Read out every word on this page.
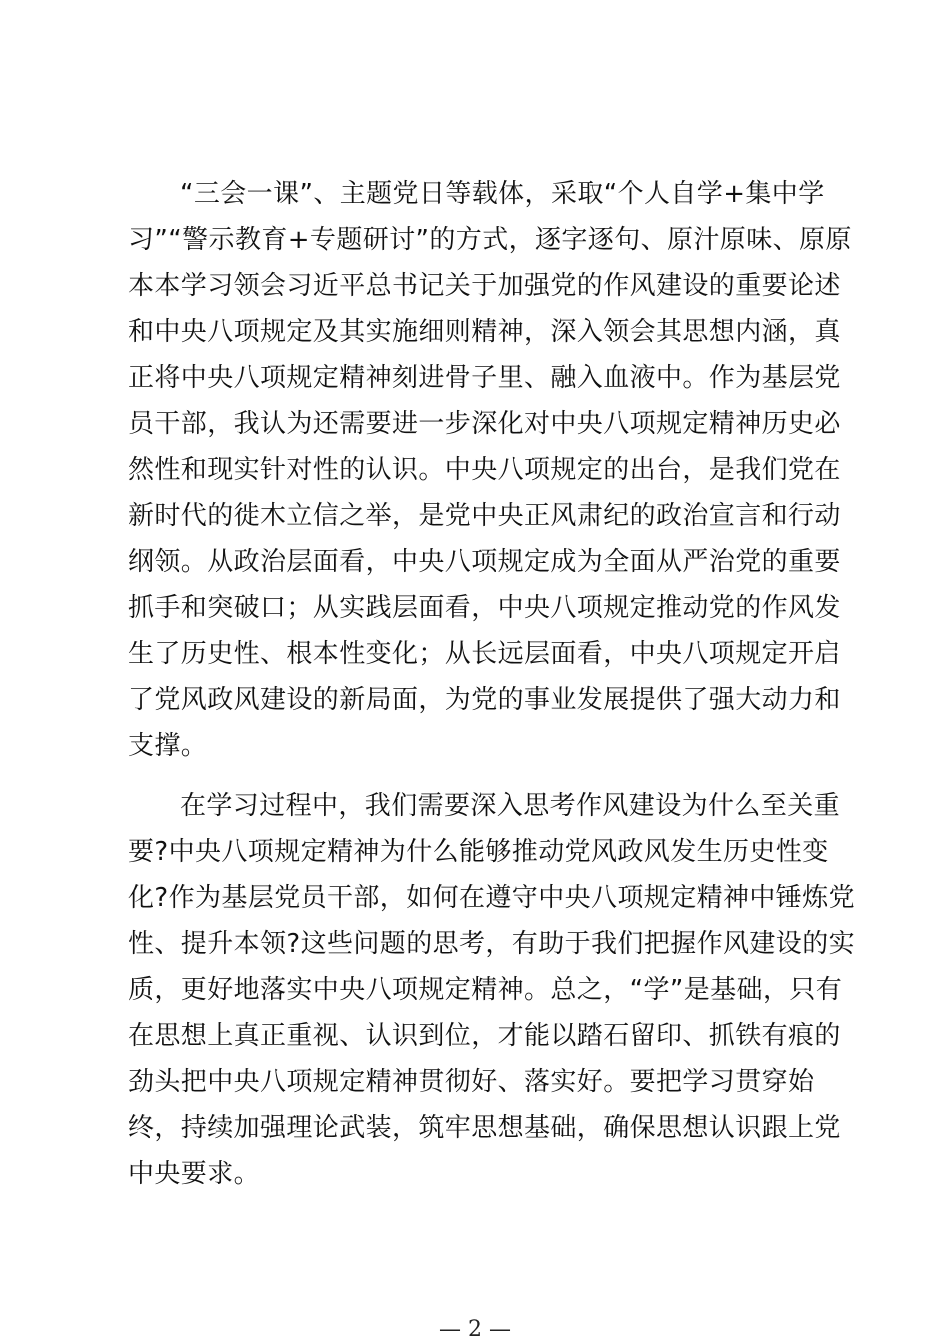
“三会一课”、主题党日等载体，采取“个人自学+集中学
习”“警示教育+专题研讨”的方式，逐字逐句、原汁原味、原原
本本学习领会习近平总书记关于加强党的作风建设的重要论述
和中央八项规定及其实施细则精神，深入领会其思想内涵，真
正将中央八项规定精神刻进骨子里、融入血液中。作为基层党
员干部，我认为还需要进一步深化对中央八项规定精神历史必
然性和现实针对性的认识。中央八项规定的出台，是我们党在
新时代的徙木立信之举，是党中央正风肃纪的政治宣言和行动
纲领。从政治层面看，中央八项规定成为全面从严治党的重要
抓手和突破口；从实践层面看，中央八项规定推动党的作风发
生了历史性、根本性变化；从长远层面看，中央八项规定开启
了党风政风建设的新局面，为党的事业发展提供了强大动力和
支撑。
在学习过程中，我们需要深入思考作风建设为什么至关重
要?中央八项规定精神为什么能够推动党风政风发生历史性变
化?作为基层党员干部，如何在遵守中央八项规定精神中锤炼党
性、提升本领?这些问题的思考，有助于我们把握作风建设的实
质，更好地落实中央八项规定精神。总之，“学”是基础，只有
在思想上真正重视、认识到位，才能以踏石留印、抓铁有痕的
劲头把中央八项规定精神贯彻好、落实好。要把学习贯穿始
终，持续加强理论武装，筑牢思想基础，确保思想认识跟上党
中央要求。
— 2 —
